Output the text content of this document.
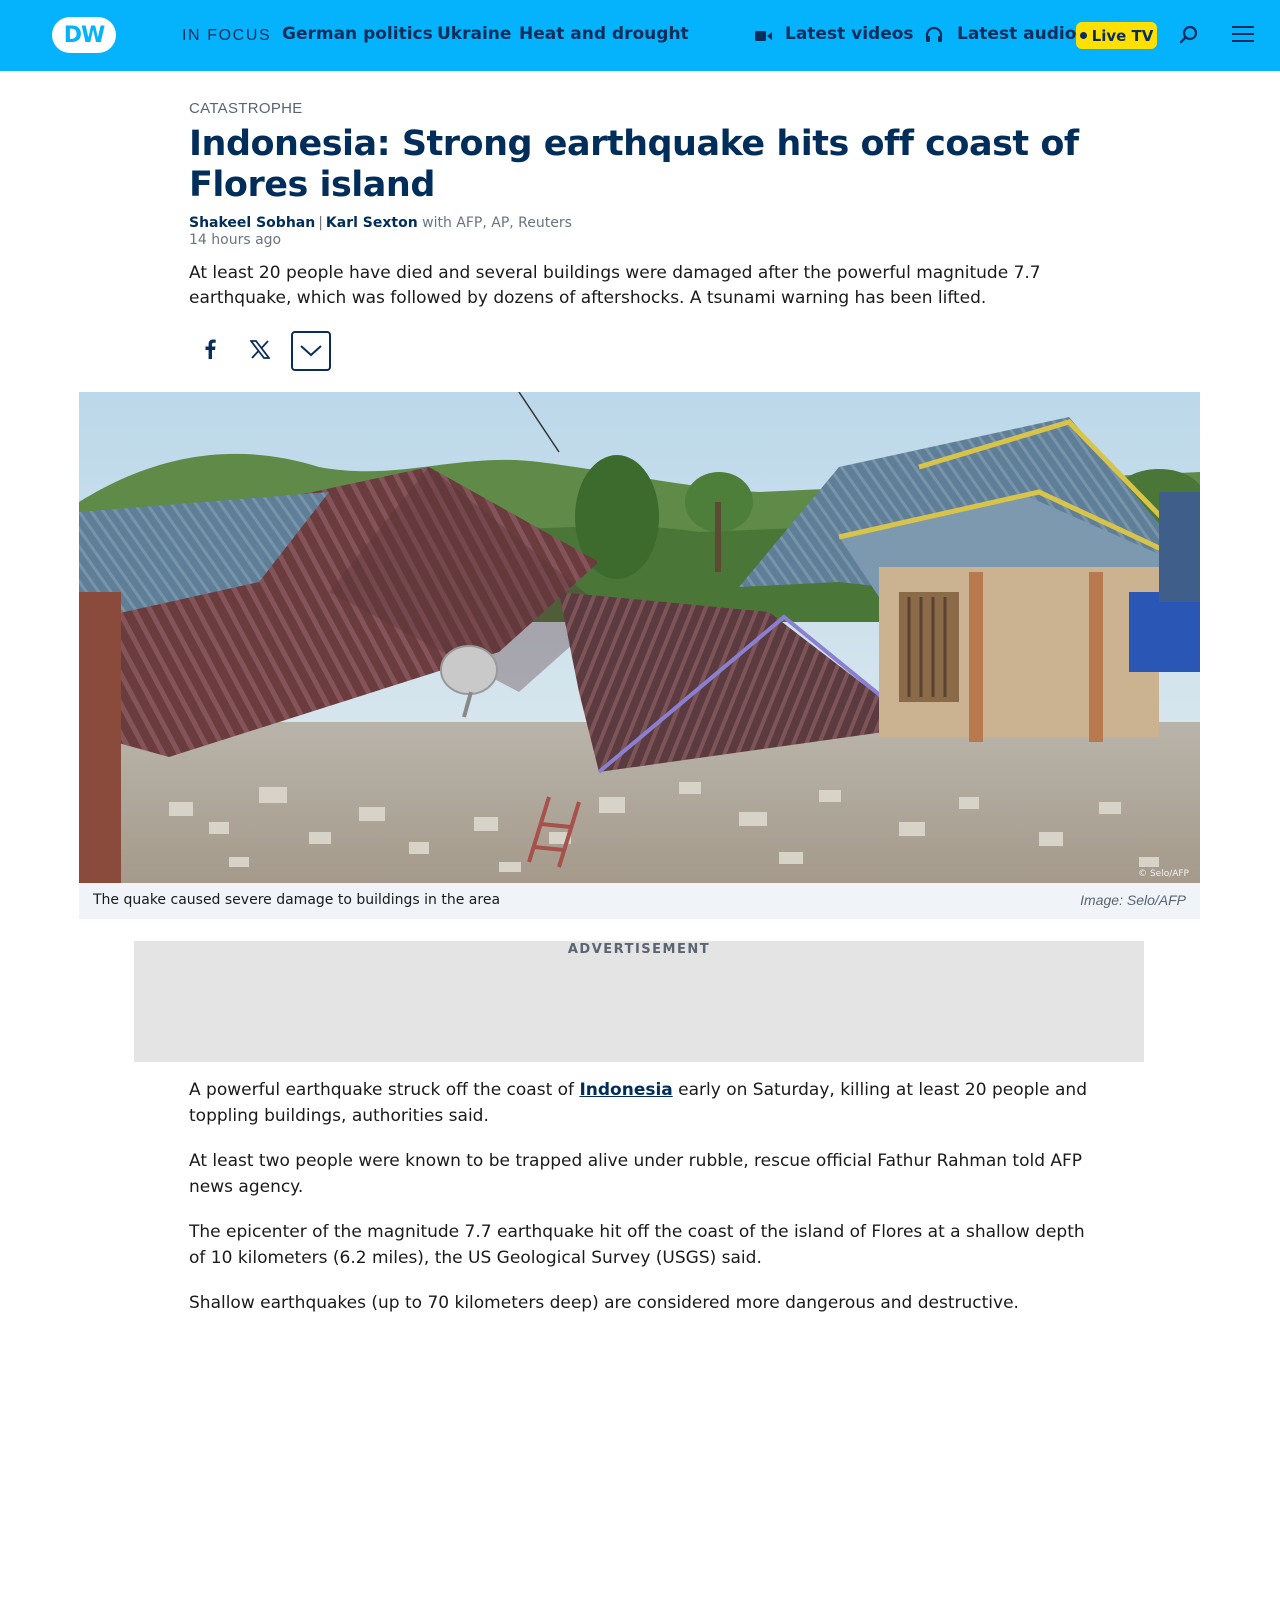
DW	IN FOCUS German politics Ukraine Heat and drought	Latest videos	Latest audio Live TV
CATASTROPHE
Indonesia: Strong earthquake hits off coast of Flores island
Shakeel Sobhan | Karl Sexton with AFP, AP, Reuters
14 hours ago

At least 20 people have died and several buildings were damaged after the powerful magnitude 7.7 earthquake, which was followed by dozens of aftershocks. A tsunami warning has been lifted.

© Selo/AFP
The quake caused severe damage to buildings in the area	Image: Selo/AFP
ADVERTISEMENT

A powerful earthquake struck off the coast of Indonesia early on Saturday, killing at least 20 people and toppling buildings, authorities said.

At least two people were known to be trapped alive under rubble, rescue official Fathur Rahman told AFP news agency.

The epicenter of the magnitude 7.7 earthquake hit off the coast of the island of Flores at a shallow depth of 10 kilometers (6.2 miles), the US Geological Survey (USGS) said.

Shallow earthquakes (up to 70 kilometers deep) are considered more dangerous and destructive.
